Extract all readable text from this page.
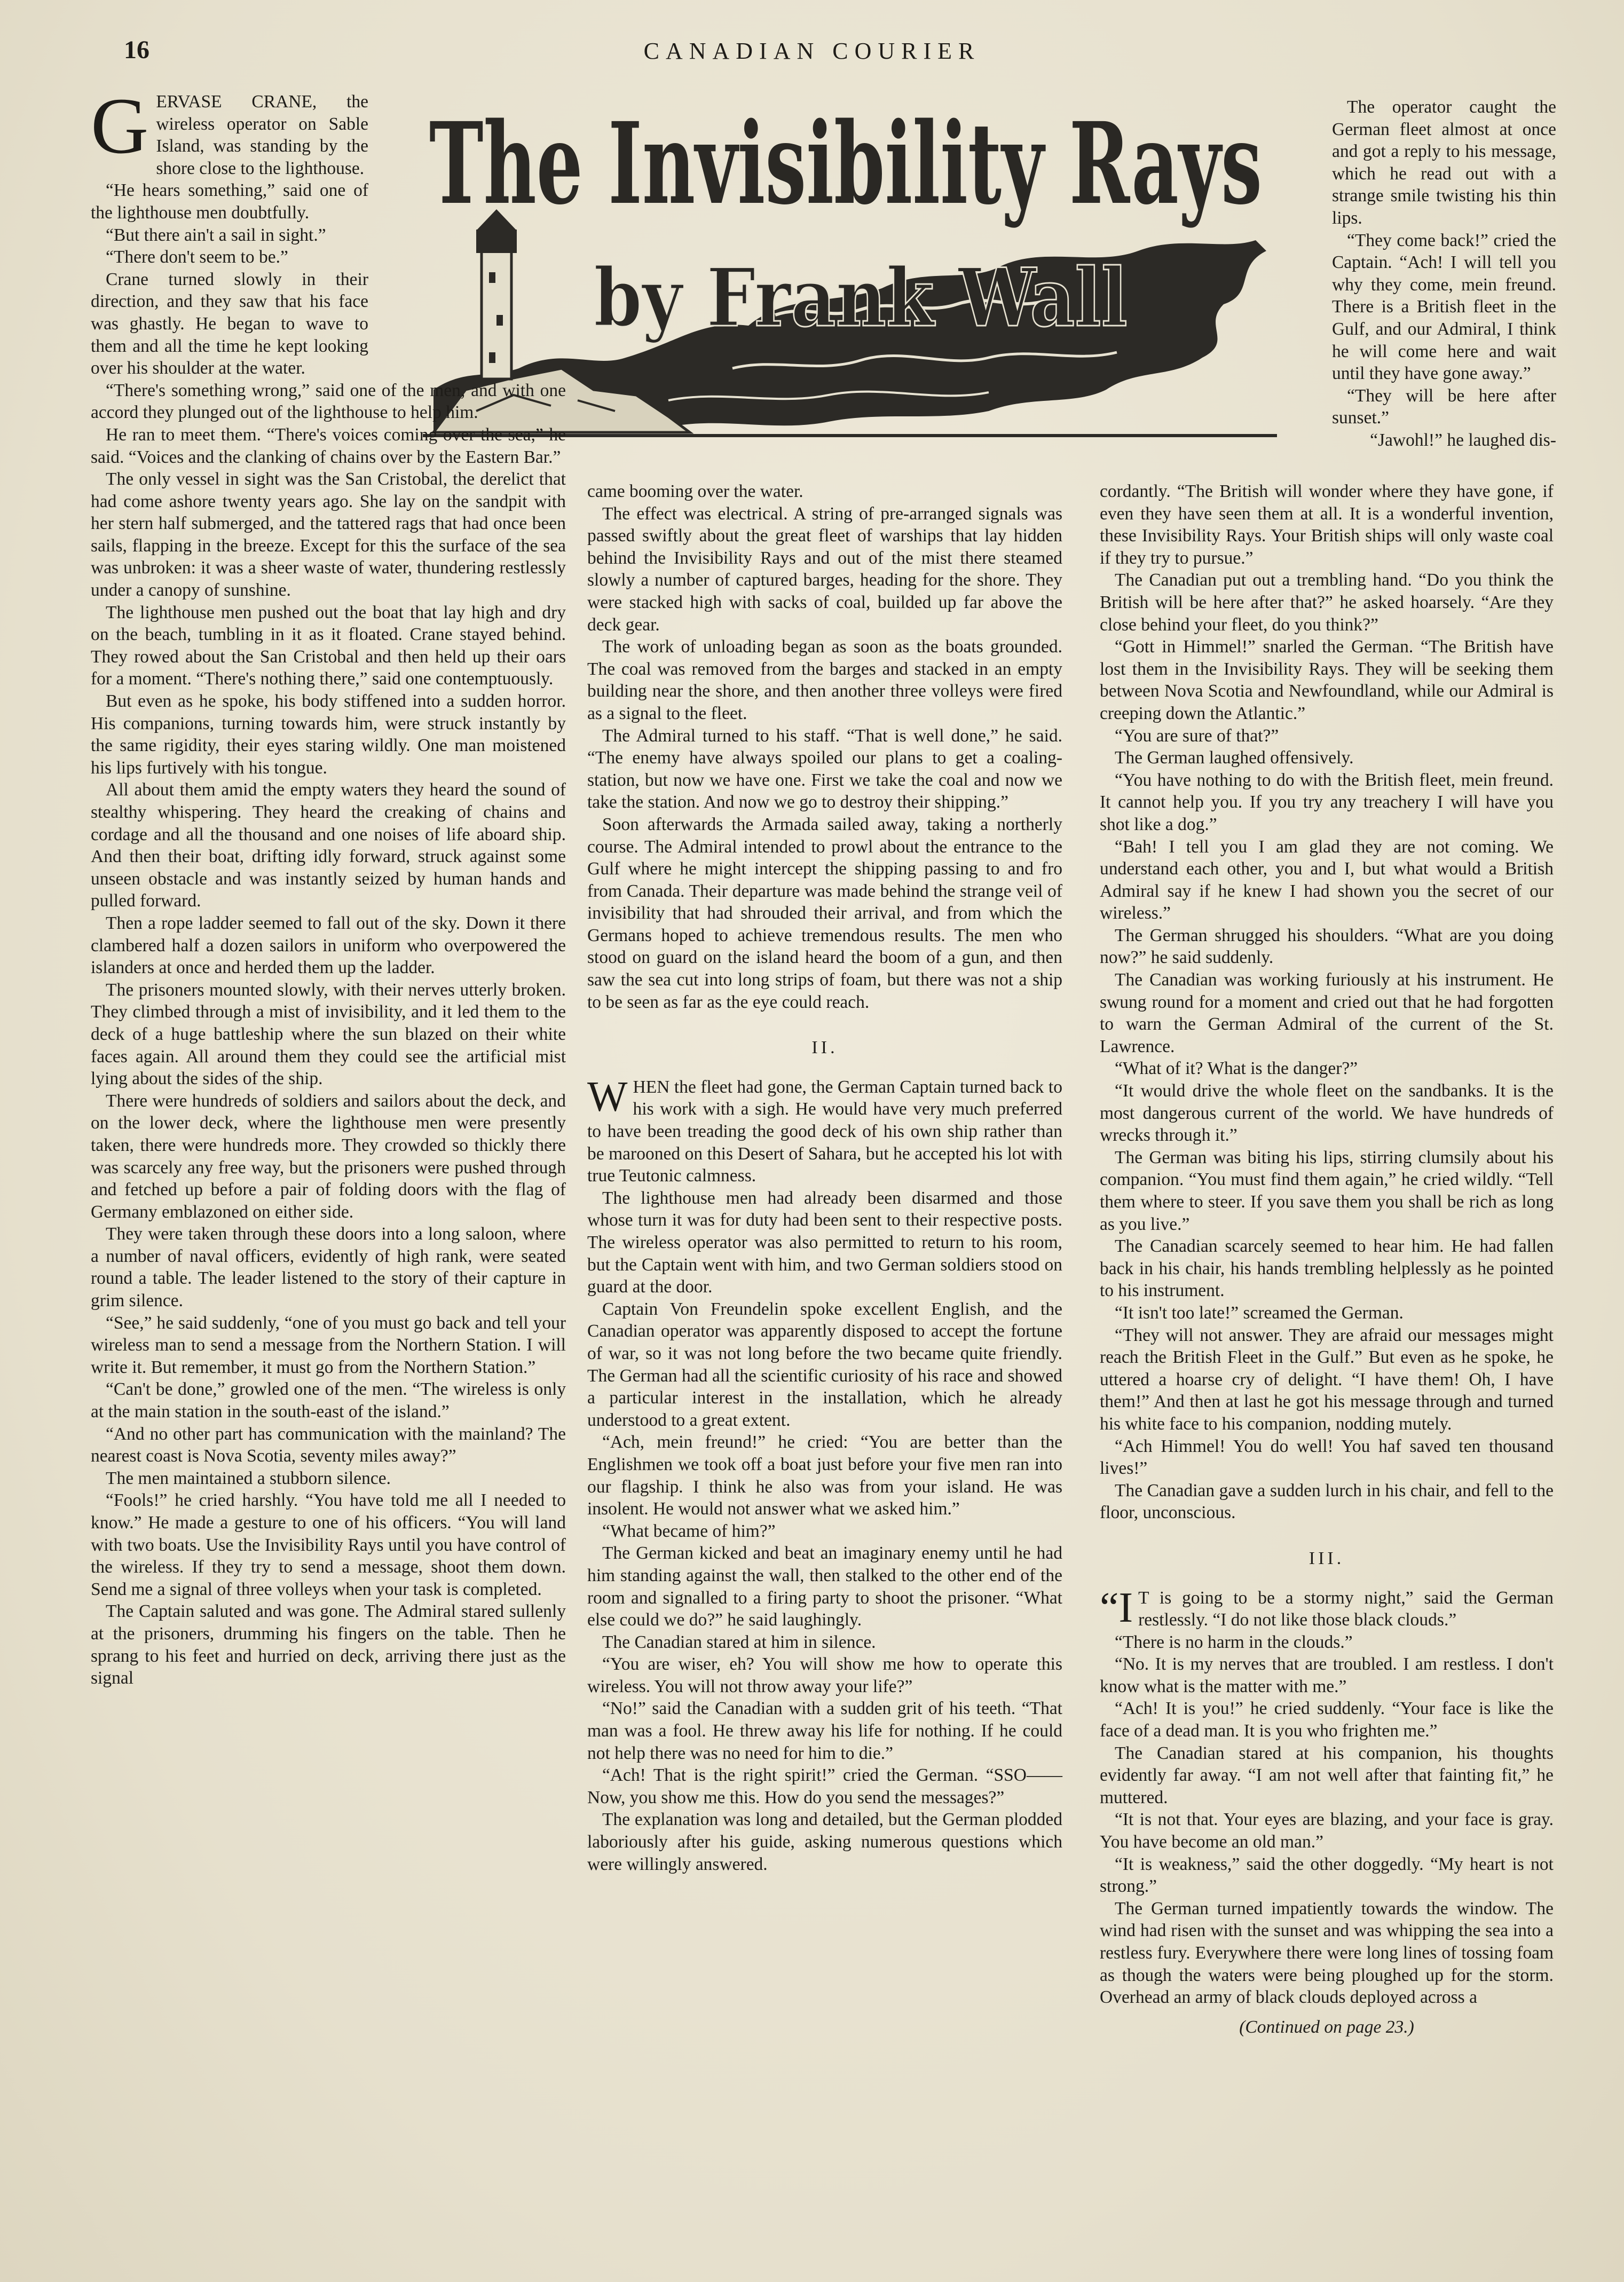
16	CANADIAN COURIER
The Invisibility Rays
by Frank Wall

GERVASE CRANE, the wireless operator on Sable Island, was standing by the shore close to the lighthouse.

“He hears something,” said one of the lighthouse men doubtfully.

“But there ain't a sail in sight.”

“There don't seem to be.”

Crane turned slowly in their direction, and they saw that his face was ghastly. He began to wave to them and all the time he kept looking over his shoulder at the water.

“There's something wrong,” said one of the men, and with one accord they plunged out of the lighthouse to help him.

He ran to meet them. “There's voices coming over the sea,” he said. “Voices and the clanking of chains over by the Eastern Bar.”

The only vessel in sight was the San Cristobal, the derelict that had come ashore twenty years ago. She lay on the sandpit with her stern half submerged, and the tattered rags that had once been sails, flapping in the breeze. Except for this the surface of the sea was unbroken: it was a sheer waste of water, thundering restlessly under a canopy of sunshine.

The lighthouse men pushed out the boat that lay high and dry on the beach, tumbling in it as it floated. Crane stayed behind. They rowed about the San Cristobal and then held up their oars for a moment. “There's nothing there,” said one contemptuously.

But even as he spoke, his body stiffened into a sudden horror. His companions, turning towards him, were struck instantly by the same rigidity, their eyes staring wildly. One man moistened his lips furtively with his tongue.

All about them amid the empty waters they heard the sound of stealthy whispering. They heard the creaking of chains and cordage and all the thousand and one noises of life aboard ship. And then their boat, drifting idly forward, struck against some unseen obstacle and was instantly seized by human hands and pulled forward.

Then a rope ladder seemed to fall out of the sky. Down it there clambered half a dozen sailors in uniform who overpowered the islanders at once and herded them up the ladder.

The prisoners mounted slowly, with their nerves utterly broken. They climbed through a mist of invisibility, and it led them to the deck of a huge battleship where the sun blazed on their white faces again. All around them they could see the artificial mist lying about the sides of the ship.

There were hundreds of soldiers and sailors about the deck, and on the lower deck, where the lighthouse men were presently taken, there were hundreds more. They crowded so thickly there was scarcely any free way, but the prisoners were pushed through and fetched up before a pair of folding doors with the flag of Germany emblazoned on either side.

They were taken through these doors into a long saloon, where a number of naval officers, evidently of high rank, were seated round a table. The leader listened to the story of their capture in grim silence.

“See,” he said suddenly, “one of you must go back and tell your wireless man to send a message from the Northern Station. I will write it. But remember, it must go from the Northern Station.”

“Can't be done,” growled one of the men. “The wireless is only at the main station in the south-east of the island.”

“And no other part has communication with the mainland? The nearest coast is Nova Scotia, seventy miles away?”

The men maintained a stubborn silence.

“Fools!” he cried harshly. “You have told me all I needed to know.” He made a gesture to one of his officers. “You will land with two boats. Use the Invisibility Rays until you have control of the wireless. If they try to send a message, shoot them down. Send me a signal of three volleys when your task is completed.

The Captain saluted and was gone. The Admiral stared sullenly at the prisoners, drumming his fingers on the table. Then he sprang to his feet and hurried on deck, arriving there just as the signal

came booming over the water.

The effect was electrical. A string of pre-arranged signals was passed swiftly about the great fleet of warships that lay hidden behind the Invisibility Rays and out of the mist there steamed slowly a number of captured barges, heading for the shore. They were stacked high with sacks of coal, builded up far above the deck gear.

The work of unloading began as soon as the boats grounded. The coal was removed from the barges and stacked in an empty building near the shore, and then another three volleys were fired as a signal to the fleet.

The Admiral turned to his staff. “That is well done,” he said. “The enemy have always spoiled our plans to get a coaling-station, but now we have one. First we take the coal and now we take the station. And now we go to destroy their shipping.”

Soon afterwards the Armada sailed away, taking a northerly course. The Admiral intended to prowl about the entrance to the Gulf where he might intercept the shipping passing to and fro from Canada. Their departure was made behind the strange veil of invisibility that had shrouded their arrival, and from which the Germans hoped to achieve tremendous results. The men who stood on guard on the island heard the boom of a gun, and then saw the sea cut into long strips of foam, but there was not a ship to be seen as far as the eye could reach.

II.

WHEN the fleet had gone, the German Captain turned back to his work with a sigh. He would have very much preferred to have been treading the good deck of his own ship rather than be marooned on this Desert of Sahara, but he accepted his lot with true Teutonic calmness.

The lighthouse men had already been disarmed and those whose turn it was for duty had been sent to their respective posts. The wireless operator was also permitted to return to his room, but the Captain went with him, and two German soldiers stood on guard at the door.

Captain Von Freundelin spoke excellent English, and the Canadian operator was apparently disposed to accept the fortune of war, so it was not long before the two became quite friendly. The German had all the scientific curiosity of his race and showed a particular interest in the installation, which he already understood to a great extent.

“Ach, mein freund!” he cried: “You are better than the Englishmen we took off a boat just before your five men ran into our flagship. I think he also was from your island. He was insolent. He would not answer what we asked him.”

“What became of him?”

The German kicked and beat an imaginary enemy until he had him standing against the wall, then stalked to the other end of the room and signalled to a firing party to shoot the prisoner. “What else could we do?” he said laughingly.

The Canadian stared at him in silence.

“You are wiser, eh? You will show me how to operate this wireless. You will not throw away your life?”

“No!” said the Canadian with a sudden grit of his teeth. “That man was a fool. He threw away his life for nothing. If he could not help there was no need for him to die.”

“Ach! That is the right spirit!” cried the German. “SSO—— Now, you show me this. How do you send the messages?”

The explanation was long and detailed, but the German plodded laboriously after his guide, asking numerous questions which were willingly answered.

The operator caught the German fleet almost at once and got a reply to his message, which he read out with a strange smile twisting his thin lips.

“They come back!” cried the Captain. “Ach! I will tell you why they come, mein freund. There is a British fleet in the Gulf, and our Admiral, I think he will come here and wait until they have gone away.”

“They will be here after sunset.”

“Jawohl!” he laughed dis-

cordantly. “The British will wonder where they have gone, if even they have seen them at all. It is a wonderful invention, these Invisibility Rays. Your British ships will only waste coal if they try to pursue.”

The Canadian put out a trembling hand. “Do you think the British will be here after that?” he asked hoarsely. “Are they close behind your fleet, do you think?”

“Gott in Himmel!” snarled the German. “The British have lost them in the Invisibility Rays. They will be seeking them between Nova Scotia and Newfoundland, while our Admiral is creeping down the Atlantic.”

“You are sure of that?”

The German laughed offensively.

“You have nothing to do with the British fleet, mein freund. It cannot help you. If you try any treachery I will have you shot like a dog.”

“Bah! I tell you I am glad they are not coming. We understand each other, you and I, but what would a British Admiral say if he knew I had shown you the secret of our wireless.”

The German shrugged his shoulders. “What are you doing now?” he said suddenly.

The Canadian was working furiously at his instrument. He swung round for a moment and cried out that he had forgotten to warn the German Admiral of the current of the St. Lawrence.

“What of it? What is the danger?”

“It would drive the whole fleet on the sandbanks. It is the most dangerous current of the world. We have hundreds of wrecks through it.”

The German was biting his lips, stirring clumsily about his companion. “You must find them again,” he cried wildly. “Tell them where to steer. If you save them you shall be rich as long as you live.”

The Canadian scarcely seemed to hear him. He had fallen back in his chair, his hands trembling helplessly as he pointed to his instrument.

“It isn't too late!” screamed the German.

“They will not answer. They are afraid our messages might reach the British Fleet in the Gulf.” But even as he spoke, he uttered a hoarse cry of delight. “I have them! Oh, I have them!” And then at last he got his message through and turned his white face to his companion, nodding mutely.

“Ach Himmel! You do well! You haf saved ten thousand lives!”

The Canadian gave a sudden lurch in his chair, and fell to the floor, unconscious.

III.

“I T is going to be a stormy night,” said the German restlessly. “I do not like those black clouds.”

“There is no harm in the clouds.”

“No. It is my nerves that are troubled. I am restless. I don't know what is the matter with me.”

“Ach! It is you!” he cried suddenly. “Your face is like the face of a dead man. It is you who frighten me.”

The Canadian stared at his companion, his thoughts evidently far away. “I am not well after that fainting fit,” he muttered.

“It is not that. Your eyes are blazing, and your face is gray. You have become an old man.”

“It is weakness,” said the other doggedly. “My heart is not strong.”

The German turned impatiently towards the window. The wind had risen with the sunset and was whipping the sea into a restless fury. Everywhere there were long lines of tossing foam as though the waters were being ploughed up for the storm. Overhead an army of black clouds deployed across a

(Continued on page 23.)
